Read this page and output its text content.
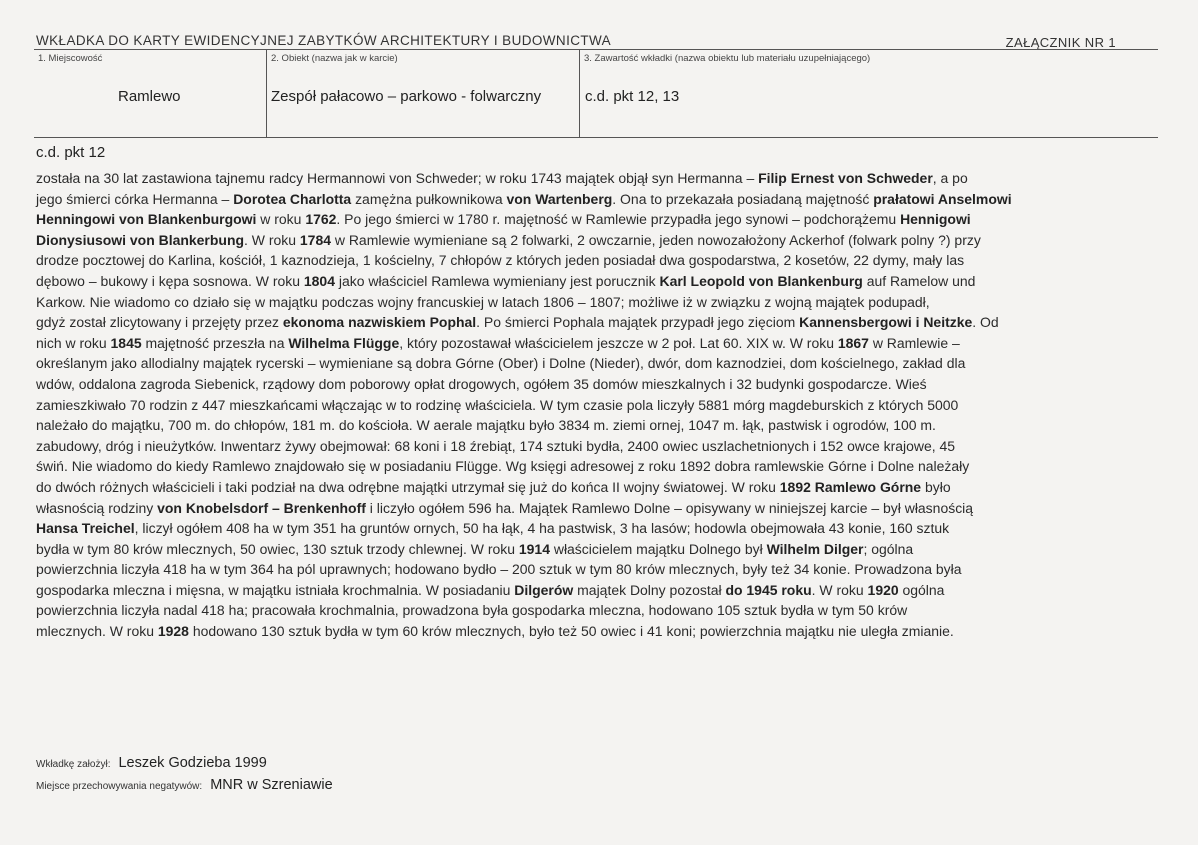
WKŁADKA DO KARTY EWIDENCYJNEJ ZABYTKÓW ARCHITEKTURY I BUDOWNICTWA	ZAŁĄCZNIK NR 1
1. Miejscowość
Ramlewo
2. Obiekt (nazwa jak w karcie)
Zespół pałacowo – parkowo - folwarczny
3. Zawartość wkładki (nazwa obiektu lub materiału uzupełniającego)
c.d. pkt 12, 13
c.d. pkt 12
została na 30 lat zastawiona tajnemu radcy Hermannowi von Schweder; w roku 1743 majątek objął syn Hermanna – Filip Ernest von Schweder, a po
jego śmierci córka Hermanna – Dorotea Charlotta zamężna pułkownikowa von Wartenberg. Ona to przekazała posiadaną majętność prałatowi Anselmowi
Henningowi von Blankenburgowi w roku 1762. Po jego śmierci w 1780 r. majętność w Ramlewie przypadła jego synowi – podchorążemu Hennigowi
Dionysiusowi von Blankerbung. W roku 1784 w Ramlewie wymieniane są 2 folwarki, 2 owczarnie, jeden nowozałożony Ackerhof (folwark polny ?) przy
drodze pocztowej do Karlina, kościół, 1 kaznodzieja, 1 kościelny, 7 chłopów z których jeden posiadał dwa gospodarstwa, 2 kosetów, 22 dymy, mały las
dębowo – bukowy i kępa sosnowa. W roku 1804 jako właściciel Ramlewa wymieniany jest porucznik Karl Leopold von Blankenburg auf Ramelow und
Karkow. Nie wiadomo co działo się w majątku podczas wojny francuskiej w latach 1806 – 1807; możliwe iż w związku z wojną majątek podupadł,
gdyż został zlicytowany i przejęty przez ekonoma nazwiskiem Pophal. Po śmierci Pophala majątek przypadł jego zięciom Kannensbergowi i Neitzke. Od
nich w roku 1845 majętność przeszła na Wilhelma Flügge, który pozostawał właścicielem jeszcze w 2 poł. Lat 60. XIX w. W roku 1867 w Ramlewie –
określanym jako allodialny majątek rycerski – wymieniane są dobra Górne (Ober) i Dolne (Nieder), dwór, dom kaznodziei, dom kościelnego, zakład dla
wdów, oddalona zagroda Siebenick, rządowy dom poborowy opłat drogowych, ogółem 35 domów mieszkalnych i 32 budynki gospodarcze. Wieś
zamieszkiwało 70 rodzin z 447 mieszkańcami włączając w to rodzinę właściciela. W tym czasie pola liczyły 5881 mórg magdeburskich z których 5000
należało do majątku, 700 m. do chłopów, 181 m. do kościoła. W aerale majątku było 3834 m. ziemi ornej, 1047 m. łąk, pastwisk i ogrodów, 100 m.
zabudowy, dróg i nieużytków. Inwentarz żywy obejmował: 68 koni i 18 źrebiąt, 174 sztuki bydła, 2400 owiec uszlachetnionych i 152 owce krajowe, 45
świń. Nie wiadomo do kiedy Ramlewo znajdowało się w posiadaniu Flügge. Wg księgi adresowej z roku 1892 dobra ramlewskie Górne i Dolne należały
do dwóch różnych właścicieli i taki podział na dwa odrębne majątki utrzymał się już do końca II wojny światowej. W roku 1892 Ramlewo Górne było
własnością rodziny von Knobelsdorf – Brenkenhoff i liczyło ogółem 596 ha. Majątek Ramlewo Dolne – opisywany w niniejszej karcie – był własnością
Hansa Treichel, liczył ogółem 408 ha w tym 351 ha gruntów ornych, 50 ha łąk, 4 ha pastwisk, 3 ha lasów; hodowla obejmowała 43 konie, 160 sztuk
bydła w tym 80 krów mlecznych, 50 owiec, 130 sztuk trzody chlewnej. W roku 1914 właścicielem majątku Dolnego był Wilhelm Dilger; ogólna
powierzchnia liczyła 418 ha w tym 364 ha pól uprawnych; hodowano bydło – 200 sztuk w tym 80 krów mlecznych, były też 34 konie. Prowadzona była
gospodarka mleczna i mięsna, w majątku istniała krochmalnia. W posiadaniu Dilgerów majątek Dolny pozostał do 1945 roku. W roku 1920 ogólna
powierzchnia liczyła nadal 418 ha; pracowała krochmalnia, prowadzona była gospodarka mleczna, hodowano 105 sztuk bydła w tym 50 krów
mlecznych. W roku 1928 hodowano 130 sztuk bydła w tym 60 krów mlecznych, było też 50 owiec i 41 koni; powierzchnia majątku nie uległa zmianie.
Wkładkę założył: Leszek Godzieba 1999
Miejsce przechowywania negatywów: MNR w Szreniawie
